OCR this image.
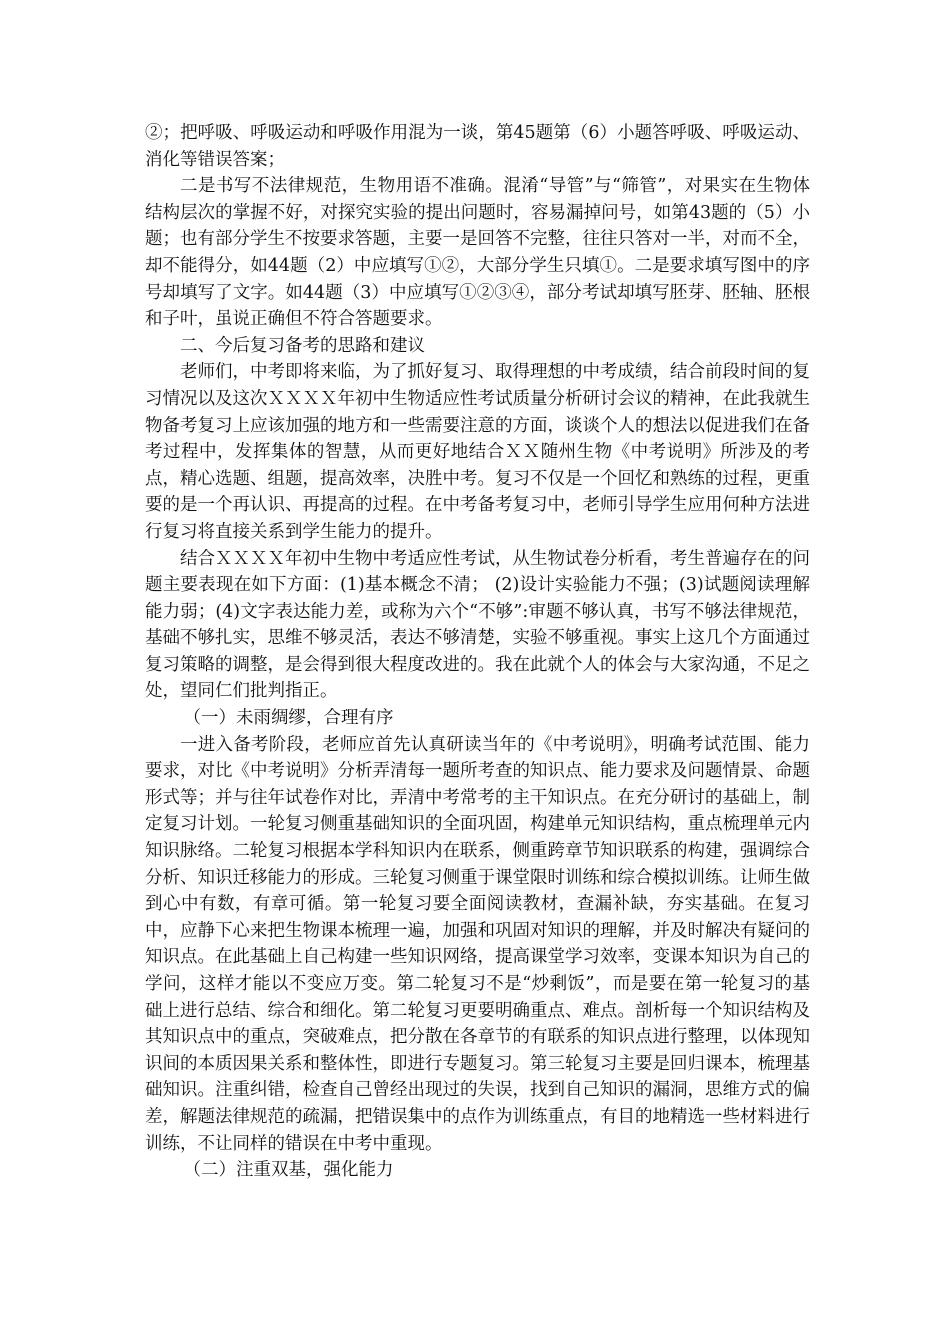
②；把呼吸、呼吸运动和呼吸作用混为一谈，第45题第（6）小题答呼吸、呼吸运动、消化等错误答案；

二是书写不法律规范，生物用语不准确。混淆“导管”与“筛管”，对果实在生物体结构层次的掌握不好，对探究实验的提出问题时，容易漏掉问号，如第43题的（5）小题；也有部分学生不按要求答题，主要一是回答不完整，往往只答对一半，对而不全，却不能得分，如44题（2）中应填写①②，大部分学生只填①。二是要求填写图中的序号却填写了文字。如44题（3）中应填写①②③④，部分考试却填写胚芽、胚轴、胚根和子叶，虽说正确但不符合答题要求。

二、今后复习备考的思路和建议

老师们，中考即将来临，为了抓好复习、取得理想的中考成绩，结合前段时间的复习情况以及这次ＸＸＸＸ年初中生物适应性考试质量分析研讨会议的精神，在此我就生物备考复习上应该加强的地方和一些需要注意的方面，谈谈个人的想法以促进我们在备考过程中，发挥集体的智慧，从而更好地结合ＸＸ随州生物《中考说明》所涉及的考点，精心选题、组题，提高效率，决胜中考。复习不仅是一个回忆和熟练的过程，更重要的是一个再认识、再提高的过程。在中考备考复习中，老师引导学生应用何种方法进行复习将直接关系到学生能力的提升。

结合ＸＸＸＸ年初中生物中考适应性考试，从生物试卷分析看，考生普遍存在的问题主要表现在如下方面：(1)基本概念不清； (2)设计实验能力不强；(3)试题阅读理解能力弱；(4)文字表达能力差，或称为六个“不够”:审题不够认真，书写不够法律规范，基础不够扎实，思维不够灵活，表达不够清楚，实验不够重视。事实上这几个方面通过复习策略的调整，是会得到很大程度改进的。我在此就个人的体会与大家沟通，不足之处，望同仁们批判指正。

（一）未雨绸缪，合理有序

一进入备考阶段，老师应首先认真研读当年的《中考说明》，明确考试范围、能力要求，对比《中考说明》分析弄清每一题所考查的知识点、能力要求及问题情景、命题形式等；并与往年试卷作对比，弄清中考常考的主干知识点。在充分研讨的基础上，制定复习计划。一轮复习侧重基础知识的全面巩固，构建单元知识结构，重点梳理单元内知识脉络。二轮复习根据本学科知识内在联系，侧重跨章节知识联系的构建，强调综合分析、知识迁移能力的形成。三轮复习侧重于课堂限时训练和综合模拟训练。让师生做到心中有数，有章可循。第一轮复习要全面阅读教材，查漏补缺，夯实基础。在复习中，应静下心来把生物课本梳理一遍，加强和巩固对知识的理解，并及时解决有疑问的知识点。在此基础上自己构建一些知识网络，提高课堂学习效率，变课本知识为自己的学问，这样才能以不变应万变。第二轮复习不是“炒剩饭”，而是要在第一轮复习的基础上进行总结、综合和细化。第二轮复习更要明确重点、难点。剖析每一个知识结构及其知识点中的重点，突破难点，把分散在各章节的有联系的知识点进行整理，以体现知识间的本质因果关系和整体性，即进行专题复习。第三轮复习主要是回归课本，梳理基础知识。注重纠错，检查自己曾经出现过的失误，找到自己知识的漏洞，思维方式的偏差，解题法律规范的疏漏，把错误集中的点作为训练重点，有目的地精选一些材料进行训练，不让同样的错误在中考中重现。

（二）注重双基，强化能力
